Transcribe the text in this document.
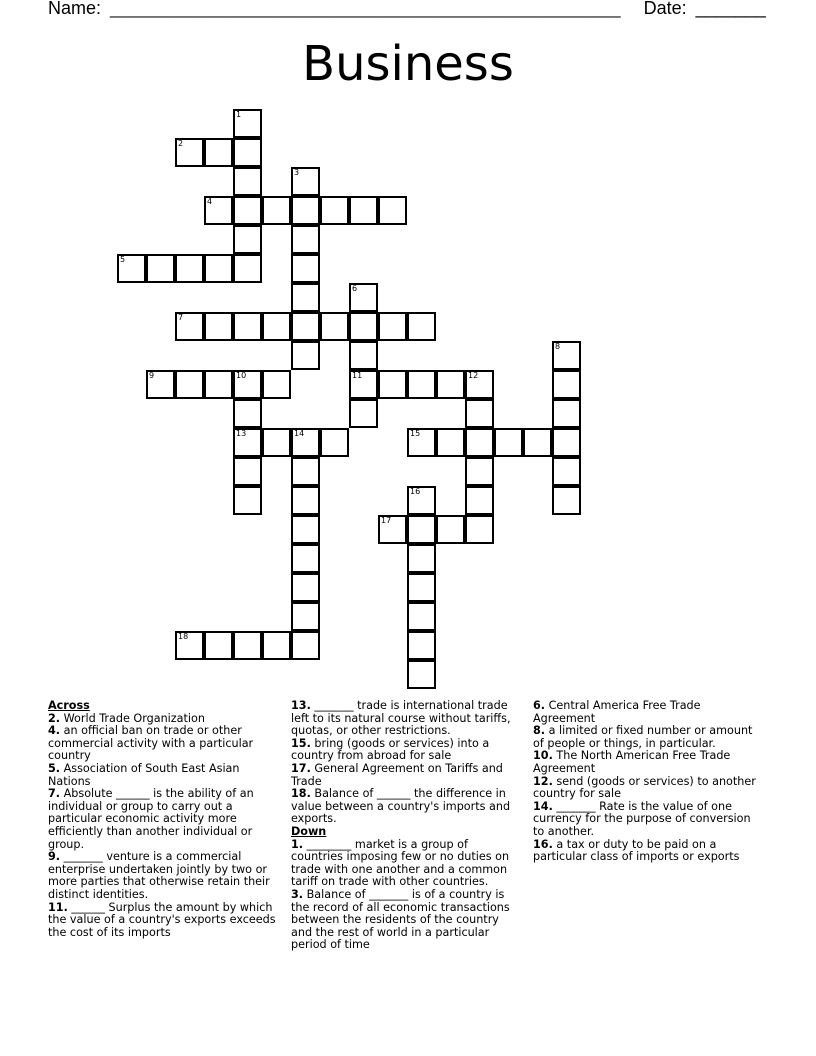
Name: ______________________________________________________ Date: _______
Business
1
2
3
4
5
6
7
8
9	10	11	12
13	14	15
16
17
18
Across
2. World Trade Organization
4. an official ban on trade or other commercial activity with a particular country
5. Association of South East Asian Nations
7. Absolute ______ is the ability of an individual or group to carry out a particular economic activity more efficiently than another individual or group.
9. _______ venture is a commercial enterprise undertaken jointly by two or more parties that otherwise retain their distinct identities.
11. ______ Surplus the amount by which the value of a country's exports exceeds the cost of its imports
13. _______ trade is international trade left to its natural course without tariffs, quotas, or other restrictions.
15. bring (goods or services) into a country from abroad for sale
17. General Agreement on Tariffs and Trade
18. Balance of ______ the difference in value between a country's imports and exports.
Down
1. ________ market is a group of countries imposing few or no duties on trade with one another and a common tariff on trade with other countries.
3. Balance of _______ is of a country is the record of all economic transactions between the residents of the country and the rest of world in a particular period of time
6. Central America Free Trade Agreement
8. a limited or fixed number or amount of people or things, in particular.
10. The North American Free Trade Agreement
12. send (goods or services) to another country for sale
14. _______ Rate is the value of one currency for the purpose of conversion to another.
16. a tax or duty to be paid on a particular class of imports or exports
